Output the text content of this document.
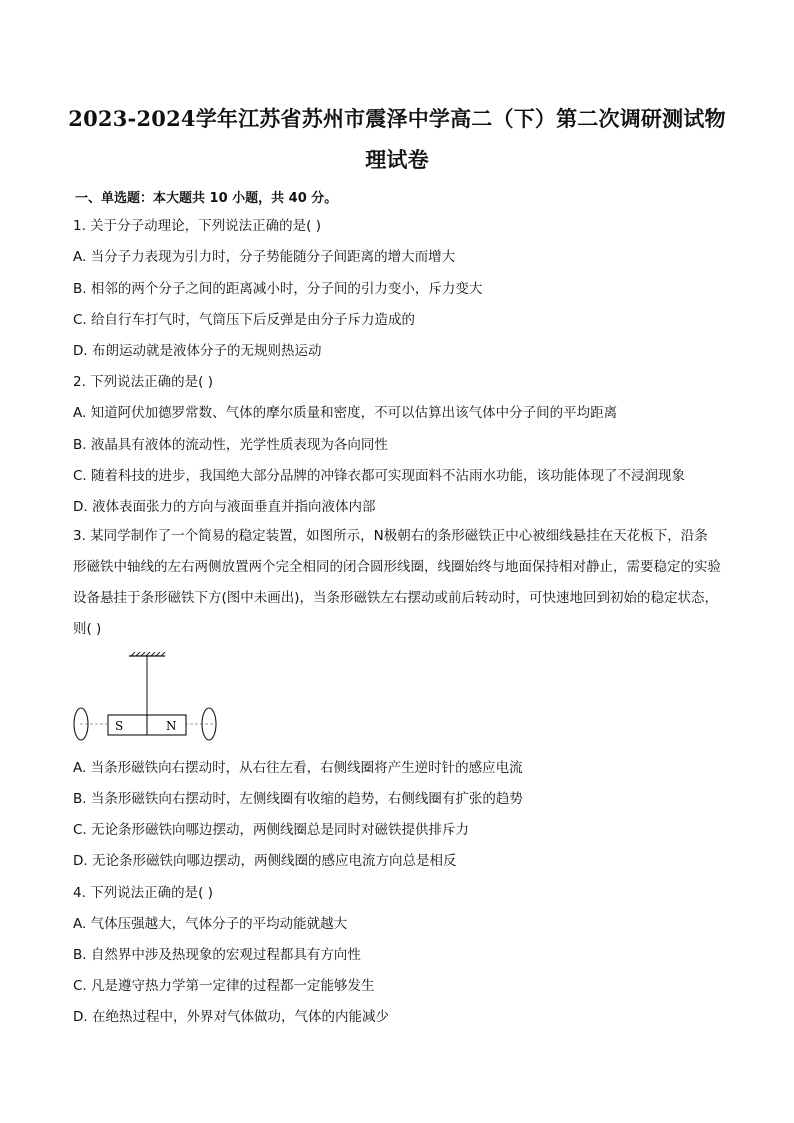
2023-2024学年江苏省苏州市震泽中学高二（下）第二次调研测试物
理试卷
一、单选题：本大题共 10 小题，共 40 分。
1. 关于分子动理论，下列说法正确的是( )
A. 当分子力表现为引力时，分子势能随分子间距离的增大而增大
B. 相邻的两个分子之间的距离减小时，分子间的引力变小，斥力变大
C. 给自行车打气时，气筒压下后反弹是由分子斥力造成的
D. 布朗运动就是液体分子的无规则热运动
2. 下列说法正确的是( )
A. 知道阿伏加德罗常数、气体的摩尔质量和密度，不可以估算出该气体中分子间的平均距离
B. 液晶具有液体的流动性，光学性质表现为各向同性
C. 随着科技的进步，我国绝大部分品牌的冲锋衣都可实现面料不沾雨水功能，该功能体现了不浸润现象
D. 液体表面张力的方向与液面垂直并指向液体内部
3. 某同学制作了一个简易的稳定装置，如图所示，N极朝右的条形磁铁正中心被细线悬挂在天花板下，沿条形磁铁中轴线的左右两侧放置两个完全相同的闭合圆形线圈，线圈始终与地面保持相对静止，需要稳定的实验设备悬挂于条形磁铁下方(图中未画出)，当条形磁铁左右摆动或前后转动时，可快速地回到初始的稳定状态，则( )
S	N
A. 当条形磁铁向右摆动时，从右往左看，右侧线圈将产生逆时针的感应电流
B. 当条形磁铁向右摆动时，左侧线圈有收缩的趋势，右侧线圈有扩张的趋势
C. 无论条形磁铁向哪边摆动，两侧线圈总是同时对磁铁提供排斥力
D. 无论条形磁铁向哪边摆动，两侧线圈的感应电流方向总是相反
4. 下列说法正确的是( )
A. 气体压强越大，气体分子的平均动能就越大
B. 自然界中涉及热现象的宏观过程都具有方向性
C. 凡是遵守热力学第一定律的过程都一定能够发生
D. 在绝热过程中，外界对气体做功，气体的内能减少
